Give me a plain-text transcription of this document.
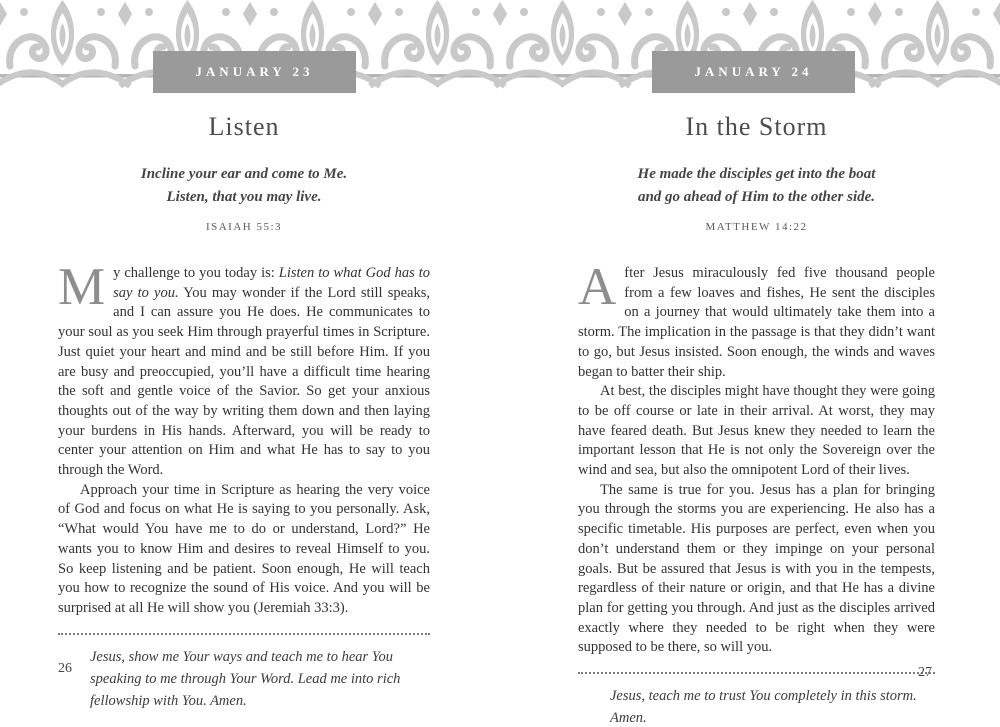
JANUARY 23	JANUARY 24
Listen
Incline your ear and come to Me.
Listen, that you may live.
ISAIAH 55:3

My challenge to you today is: Listen to what God has to say to you. You may wonder if the Lord still speaks, and I can assure you He does. He communicates to your soul as you seek Him through prayerful times in Scripture. Just quiet your heart and mind and be still before Him. If you are busy and preoccupied, you’ll have a difficult time hearing the soft and gentle voice of the Savior. So get your anxious thoughts out of the way by writing them down and then laying your burdens in His hands. Afterward, you will be ready to center your attention on Him and what He has to say to you through the Word.

Approach your time in Scripture as hearing the very voice of God and focus on what He is saying to you personally. Ask, “What would You have me to do or understand, Lord?” He wants you to know Him and desires to reveal Himself to you. So keep listening and be patient. Soon enough, He will teach you how to recognize the sound of His voice. And you will be surprised at all He will show you (Jeremiah 33:3).

Jesus, show me Your ways and teach me to hear You speaking to me through Your Word. Lead me into rich fellowship with You. Amen.

In the Storm
He made the disciples get into the boat
and go ahead of Him to the other side.
MATTHEW 14:22

After Jesus miraculously fed five thousand people from a few loaves and fishes, He sent the disciples on a journey that would ultimately take them into a storm. The implication in the passage is that they didn’t want to go, but Jesus insisted. Soon enough, the winds and waves began to batter their ship.

At best, the disciples might have thought they were going to be off course or late in their arrival. At worst, they may have feared death. But Jesus knew they needed to learn the important lesson that He is not only the Sovereign over the wind and sea, but also the omnipotent Lord of their lives.

The same is true for you. Jesus has a plan for bringing you through the storms you are experiencing. He also has a specific timetable. His purposes are perfect, even when you don’t understand them or they impinge on your personal goals. But be assured that Jesus is with you in the tempests, regardless of their nature or origin, and that He has a divine plan for getting you through. And just as the disciples arrived exactly where they needed to be right when they were supposed to be there, so will you.

Jesus, teach me to trust You completely in this storm. Amen.

26	27
